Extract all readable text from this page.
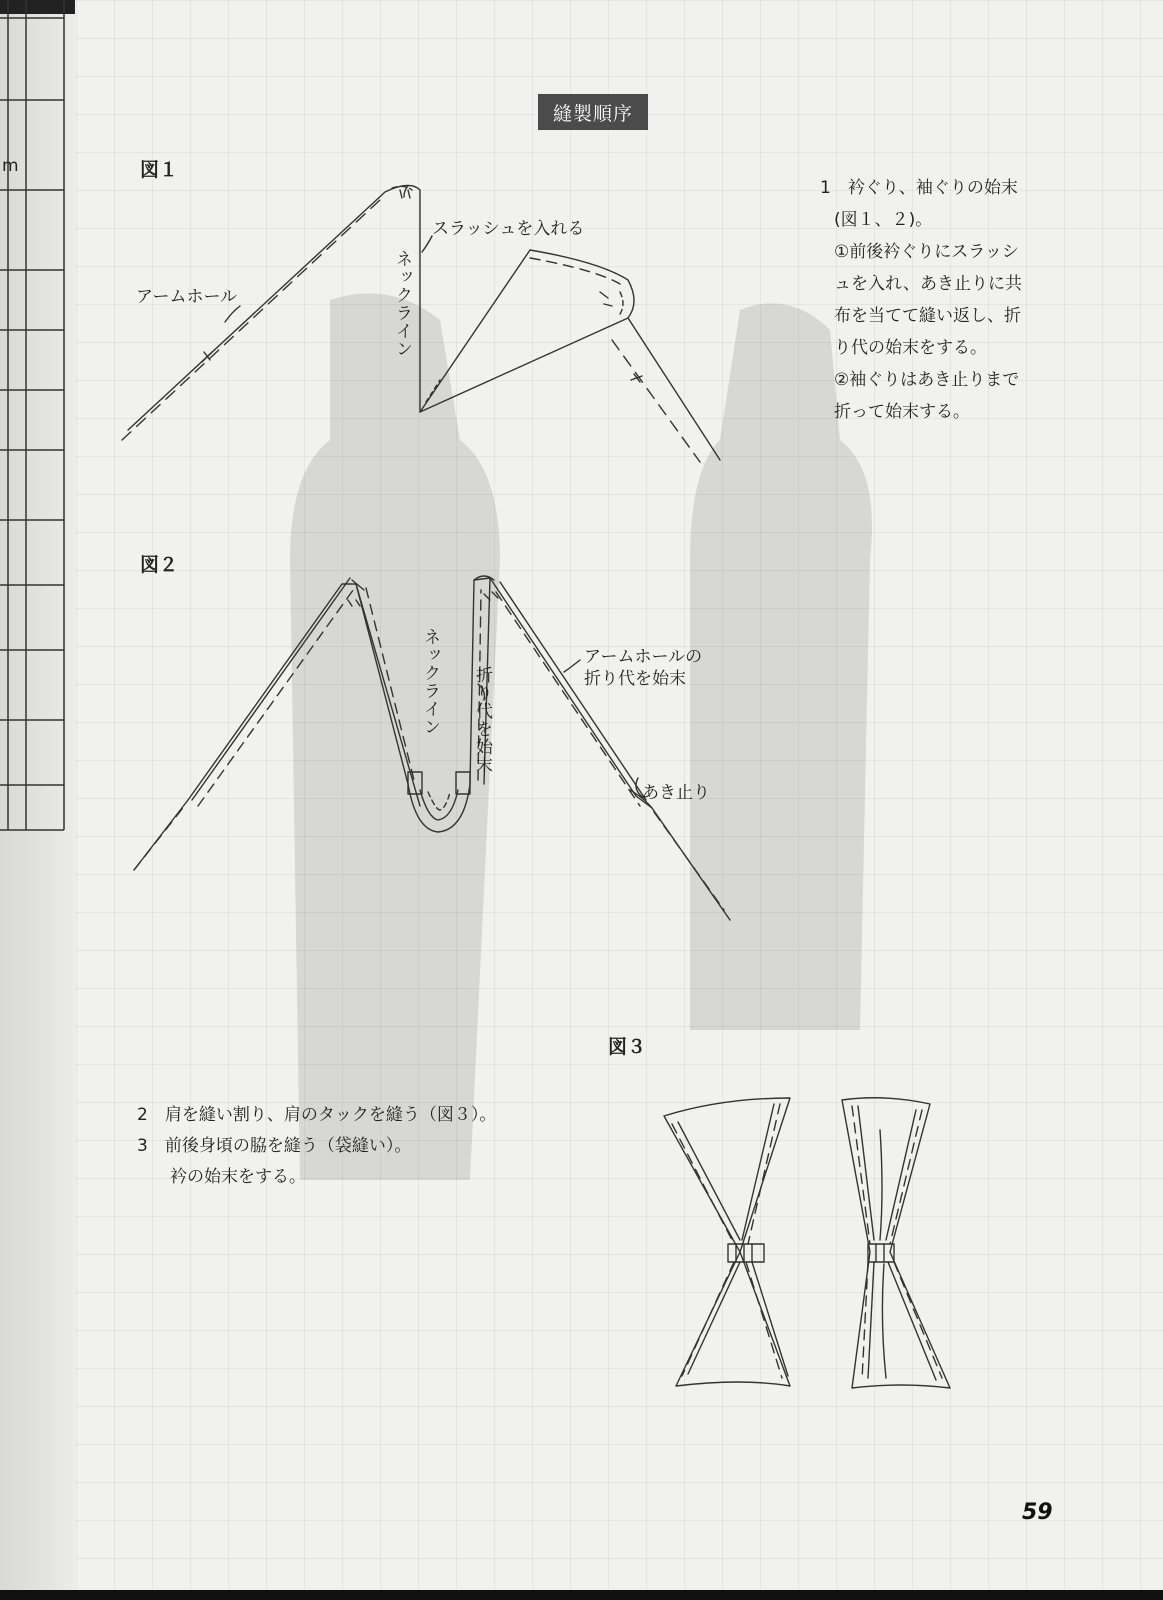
m
縫製順序
図１
図２
図３
アームホール
スラッシュを入れる
ネックライン
ネックライン 折り代を始末
アームホールの
折り代を始末
あき止り
1　衿ぐり、袖ぐりの始末
(図１、２)。
①前後衿ぐりにスラッシ
ュを入れ、あき止りに共
布を当てて縫い返し、折
り代の始末をする。
②袖ぐりはあき止りまで
折って始末する。
2　肩を縫い割り、肩のタックを縫う（図３）。
3　前後身頃の脇を縫う（袋縫い）。
衿の始末をする。
59
